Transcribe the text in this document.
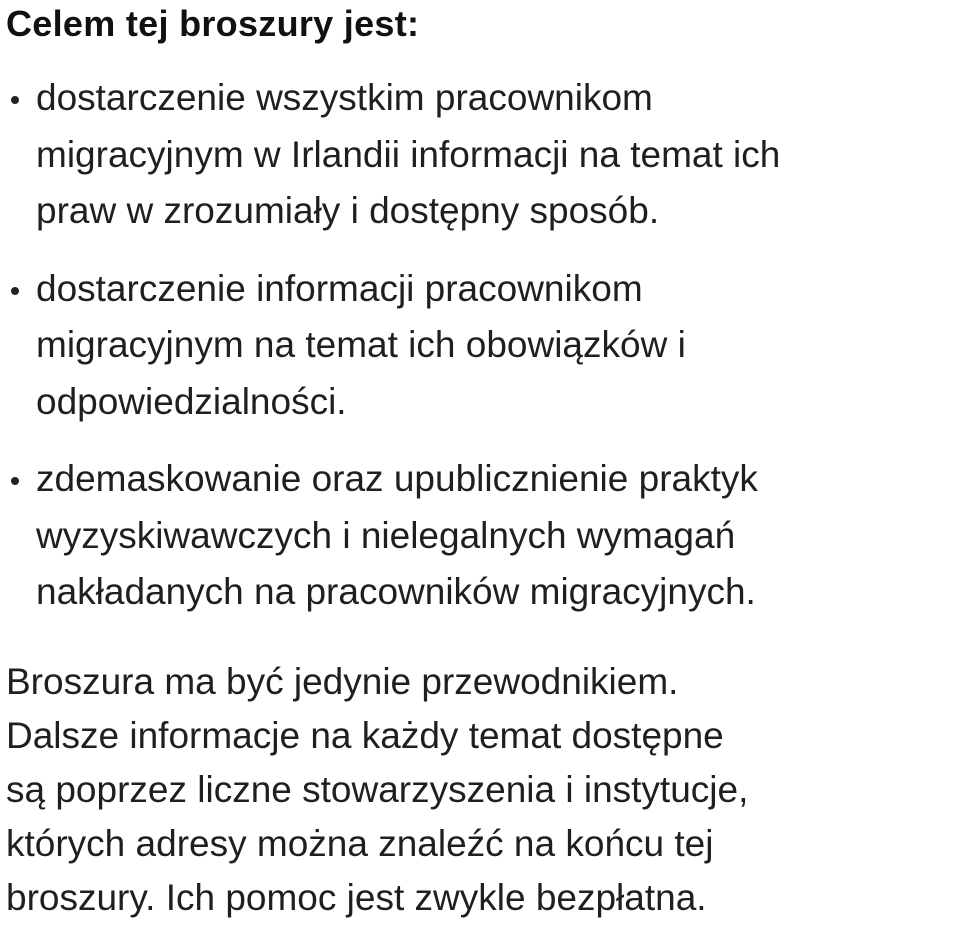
Celem tej broszury jest:
dostarczenie wszystkim pracownikom
migracyjnym w Irlandii informacji na temat ich
praw w zrozumiały i dostępny sposób.
dostarczenie informacji pracownikom
migracyjnym na temat ich obowiązków i
odpowiedzialności.
zdemaskowanie oraz upublicznienie praktyk
wyzyskiwawczych i nielegalnych wymagań
nakładanych na pracowników migracyjnych.

Broszura ma być jedynie przewodnikiem.
Dalsze informacje na każdy temat dostępne
są poprzez liczne stowarzyszenia i instytucje,
których adresy można znaleźć na końcu tej
broszury. Ich pomoc jest zwykle bezpłatna.
